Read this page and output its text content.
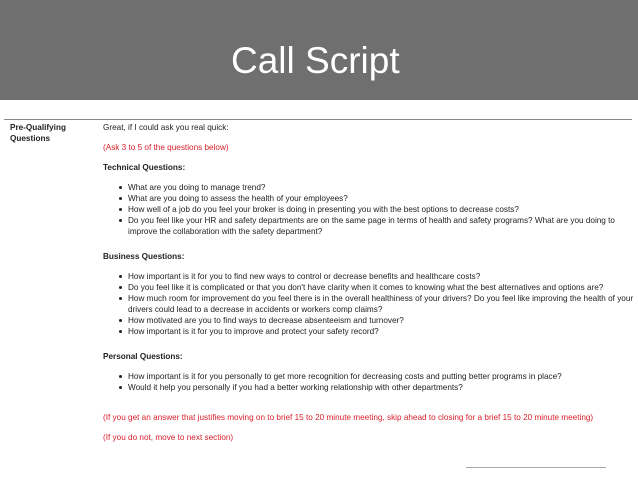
Call Script
Pre-Qualifying Questions
Great, if I could ask you real quick:
(Ask 3 to 5 of the questions below)
Technical Questions:
What are you doing to manage trend?
What are you doing to assess the health of your employees?
How well of a job do you feel your broker is doing in presenting you with the best options to decrease costs?
Do you feel like your HR and safety departments are on the same page in terms of health and safety programs? What are you doing to
improve the collaboration with the safety department?
Business Questions:
How important is it for you to find new ways to control or decrease benefits and healthcare costs?
Do you feel like it is complicated or that you don't have clarity when it comes to knowing what the best alternatives and options are?
How much room for improvement do you feel there is in the overall healthiness of your drivers? Do you feel like improving the health of your
drivers could lead to a decrease in accidents or workers comp claims?
How motivated are you to find ways to decrease absenteeism and turnover?
How important is it for you to improve and protect your safety record?
Personal Questions:
How important is it for you personally to get more recognition for decreasing costs and putting better programs in place?
Would it help you personally if you had a better working relationship with other departments?
(If you get an answer that justifies moving on to brief 15 to 20 minute meeting, skip ahead to closing for a brief 15 to 20 minute meeting)
(If you do not, move to next section)
